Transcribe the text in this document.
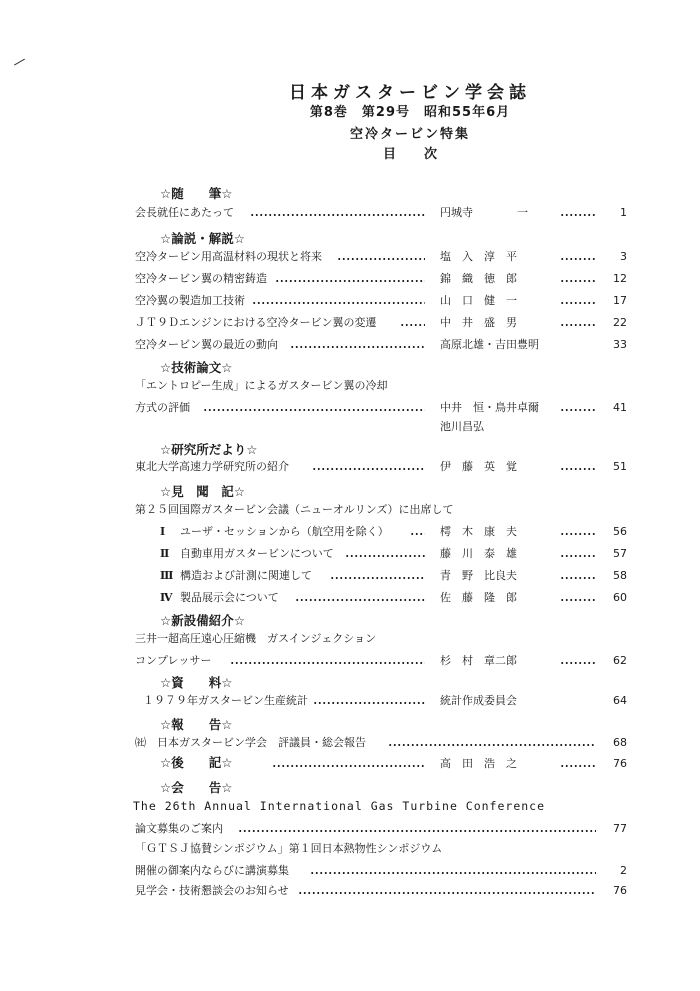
日本ガスタービン学会誌
第8巻　第29号　昭和55年6月
空冷タービン特集
目次
☆随　　筆☆
会長就任にあたって	円城寺　　　　一	1
☆論説・解説☆
空冷タービン用高温材料の現状と将来	塩　入　淳　平	3
空冷タービン翼の精密鋳造	錦　織　徳　郎	12
空冷翼の製造加工技術	山　口　健　一	17
ＪＴ９Ｄエンジンにおける空冷タービン翼の変遷	中　井　盛　男	22
空冷タービン翼の最近の動向	高原北雄・吉田豊明	33
☆技術論文☆
「エントロピー生成」によるガスタービン翼の冷却
方式の評価	中井　恒・鳥井卓爾	41
池川昌弘
☆研究所だより☆
東北大学高速力学研究所の紹介	伊　藤　英　覚	51
☆見　聞　記☆
第２５回国際ガスタービン会議（ニューオルリンズ）に出席して
Ⅰ ユーザ・セッションから（航空用を除く）	樗　木　康　夫	56
Ⅱ 自動車用ガスタービンについて	藤　川　泰　雄	57
Ⅲ 構造および計測に関連して	青　野　比良夫	58
Ⅳ 製品展示会について	佐　藤　隆　郎	60
☆新設備紹介☆
三井一超高圧遠心圧縮機　ガスインジェクション
コンプレッサー	杉　村　章二郎	62
☆資　　料☆
１９７９年ガスタービン生産統計	統計作成委員会	64
☆報　　告☆
㈳　日本ガスタービン学会　評議員・総会報告	68
☆後　　記☆	高　田　浩　之	76
☆会　　告☆
The 26th Annual International Gas Turbine Conference
論文募集のご案内	77
「ＧＴＳＪ協賛シンポジウム」第１回日本熱物性シンポジウム
開催の御案内ならびに講演募集	2
見学会・技術懇談会のお知らせ	76
